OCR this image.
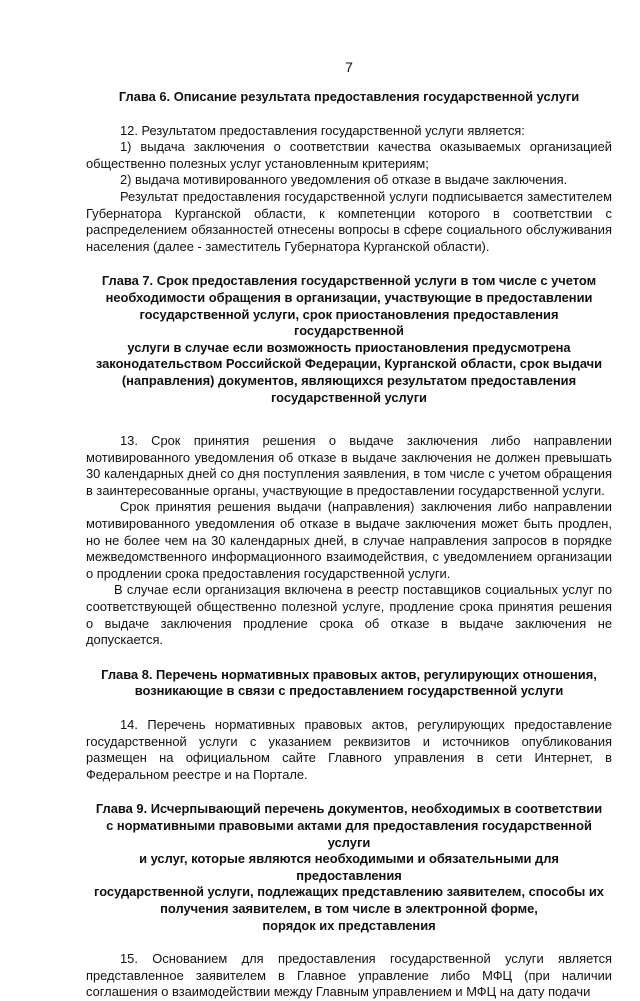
7
Глава 6. Описание результата предоставления государственной услуги

12. Результатом предоставления государственной услуги является:

1) выдача заключения о соответствии качества оказываемых организацией общественно полезных услуг установленным критериям;

2) выдача мотивированного уведомления об отказе в выдаче заключения.

Результат предоставления государственной услуги подписывается заместителем Губернатора Курганской области, к компетенции которого в соответствии с распределением обязанностей отнесены вопросы в сфере социального обслуживания населения (далее - заместитель Губернатора Курганской области).

Глава 7. Срок предоставления государственной услуги в том числе с учетом
необходимости обращения в организации, участвующие в предоставлении
государственной услуги, срок приостановления предоставления государственной
услуги в случае если возможность приостановления предусмотрена
законодательством Российской Федерации, Курганской области, срок выдачи
(направления) документов, являющихся результатом предоставления
государственной услуги

13. Срок принятия решения о выдаче заключения либо направлении мотивированного уведомления об отказе в выдаче заключения не должен превышать 30 календарных дней со дня поступления заявления, в том числе с учетом обращения в заинтересованные органы, участвующие в предоставлении государственной услуги.

Срок принятия решения выдачи (направления) заключения либо направлении мотивированного уведомления об отказе в выдаче заключения может быть продлен, но не более чем на 30 календарных дней, в случае направления запросов в порядке межведомственного информационного взаимодействия, с уведомлением организации о продлении срока предоставления государственной услуги.

В случае если организация включена в реестр поставщиков социальных услуг по соответствующей общественно полезной услуге, продление срока принятия решения о выдаче заключения продление срока об отказе в выдаче заключения не допускается.

Глава 8. Перечень нормативных правовых актов, регулирующих отношения,
возникающие в связи с предоставлением государственной услуги

14. Перечень нормативных правовых актов, регулирующих предоставление государственной услуги с указанием реквизитов и источников опубликования размещен на официальном сайте Главного управления в сети Интернет, в Федеральном реестре и на Портале.

Глава 9. Исчерпывающий перечень документов, необходимых в соответствии
с нормативными правовыми актами для предоставления государственной услуги
и услуг, которые являются необходимыми и обязательными для предоставления
государственной услуги, подлежащих представлению заявителем, способы их
получения заявителем, в том числе в электронной форме,
порядок их представления

15. Основанием для предоставления государственной услуги является представленное заявителем в Главное управление либо МФЦ (при наличии соглашения о взаимодействии между Главным управлением и МФЦ на дату подачи
